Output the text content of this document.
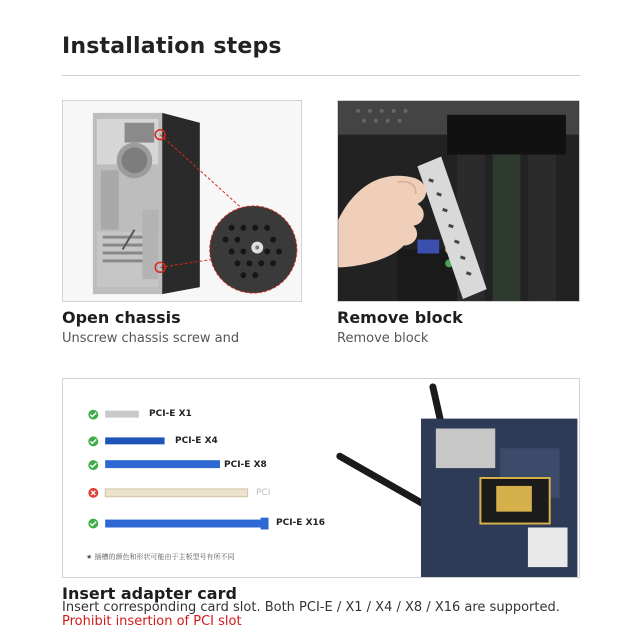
Installation steps
Open chassis
Unscrew chassis screw and
Remove block
Remove block
PCI-E X1
PCI-E X4
PCI-E X8
PCI
PCI-E X16
★ 插槽的颜色和形状可能由于主板型号有所不同
Insert adapter card
Insert corresponding card slot. Both PCI-E / X1 / X4 / X8 / X16 are supported.
Prohibit insertion of PCI slot
